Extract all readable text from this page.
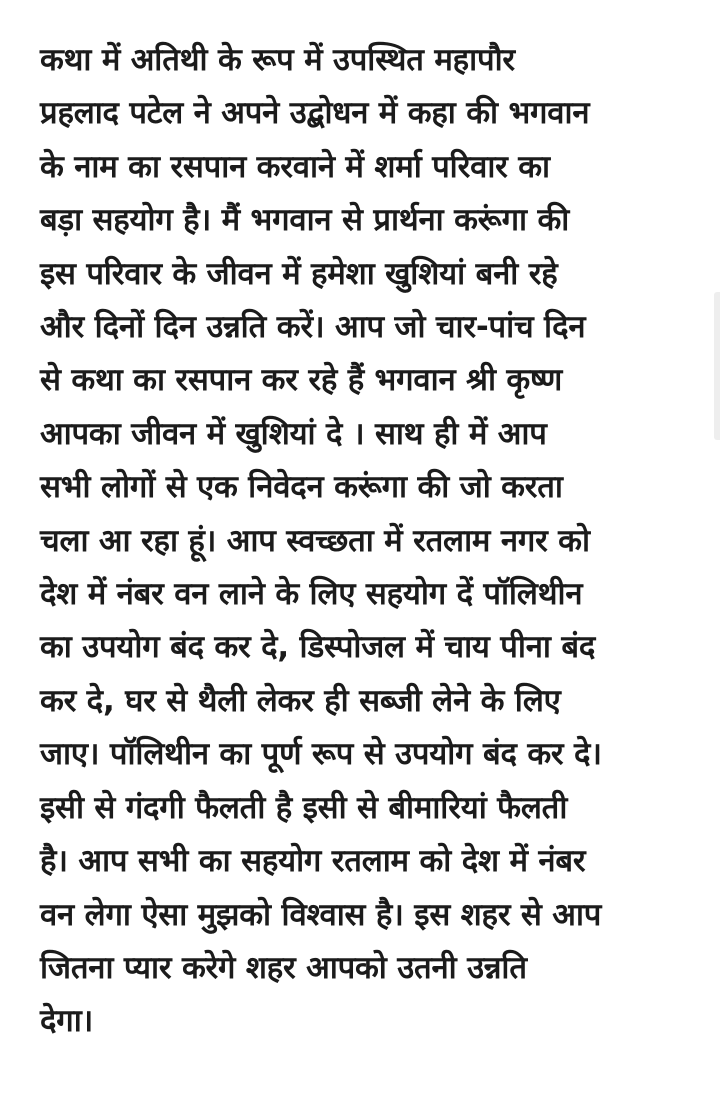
कथा में अतिथी के रूप में उपस्थित महापौर
प्रहलाद पटेल ने अपने उद्बोधन में कहा की भगवान
के नाम का रसपान करवाने में शर्मा परिवार का
बड़ा सहयोग है। मैं भगवान से प्रार्थना करूंगा की
इस परिवार के जीवन में हमेशा खुशियां बनी रहे
और दिनों दिन उन्नति करें। आप जो चार-पांच दिन
से कथा का रसपान कर रहे हैं भगवान श्री कृष्ण
आपका जीवन में खुशियां दे । साथ ही में आप
सभी लोगों से एक निवेदन करूंगा की जो करता
चला आ रहा हूं। आप स्वच्छता में रतलाम नगर को
देश में नंबर वन लाने के लिए सहयोग दें पॉलिथीन
का उपयोग बंद कर दे, डिस्पोजल में चाय पीना बंद
कर दे, घर से थैली लेकर ही सब्जी लेने के लिए
जाए। पॉलिथीन का पूर्ण रूप से उपयोग बंद कर दे।
इसी से गंदगी फैलती है इसी से बीमारियां फैलती
है। आप सभी का सहयोग रतलाम को देश में नंबर
वन लेगा ऐसा मुझको विश्वास है। इस शहर से आप
जितना प्यार करेगे शहर आपको उतनी उन्नति
देगा।
